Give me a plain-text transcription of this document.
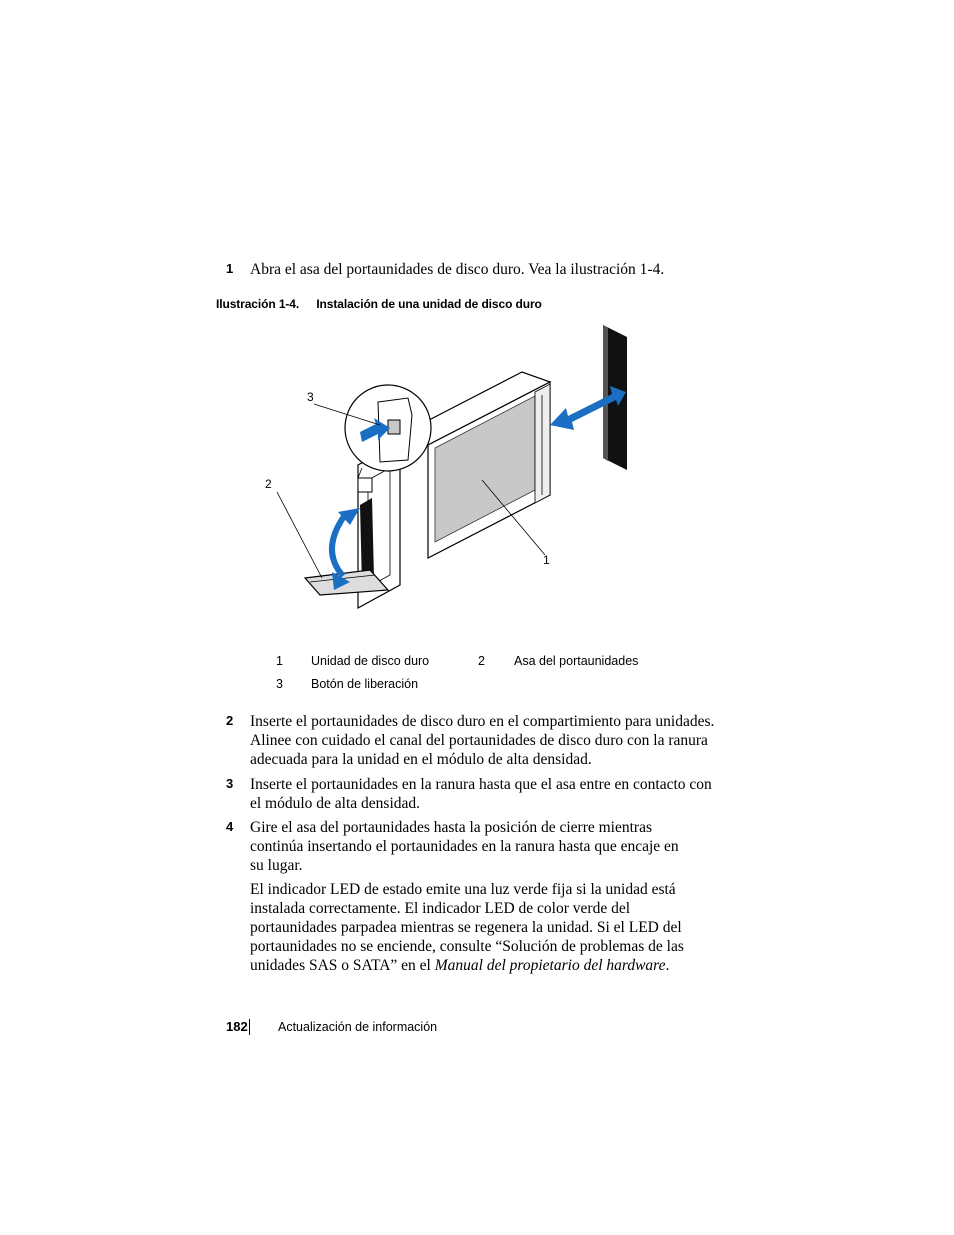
1 Abra el asa del portaunidades de disco duro. Vea la ilustración 1-4.
Ilustración 1-4. Instalación de una unidad de disco duro
3
2
1
1 Unidad de disco duro	2 Asa del portaunidades
3 Botón de liberación
2 Inserte el portaunidades de disco duro en el compartimiento para unidades. Alinee con cuidado el canal del portaunidades de disco duro con la ranura adecuada para la unidad en el módulo de alta densidad.
3 Inserte el portaunidades en la ranura hasta que el asa entre en contacto con el módulo de alta densidad.
4 Gire el asa del portaunidades hasta la posición de cierre mientras continúa insertando el portaunidades en la ranura hasta que encaje en su lugar.
El indicador LED de estado emite una luz verde fija si la unidad está instalada correctamente. El indicador LED de color verde del portaunidades parpadea mientras se regenera la unidad. Si el LED del portaunidades no se enciende, consulte “Solución de problemas de las unidades SAS o SATA” en el Manual del propietario del hardware.
182 Actualización de información
